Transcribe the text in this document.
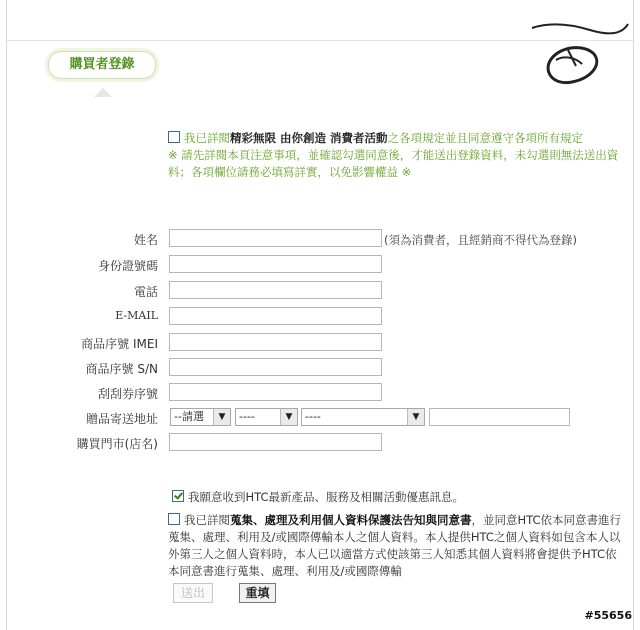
購買者登錄
我已詳閱精彩無限 由你創造 消費者活動之各項規定並且同意遵守各項所有規定
※ 請先詳閱本頁注意事項，並確認勾選同意後，才能送出登錄資料，未勾選則無法送出資料；各項欄位請務必填寫詳實，以免影響權益 ※
姓名	(須為消費者，且經銷商不得代為登錄)
身份證號碼
電話
E-MAIL
商品序號 IMEI
商品序號 S/N
刮刮券序號
贈品寄送地址	--請選	▼	----	▼	----	▼
購買門市(店名)
我願意收到HTC最新產品、服務及相關活動優惠訊息。
我已詳閱蒐集、處理及利用個人資料保護法告知與同意書，並同意HTC依本同意書進行蒐集、處理、利用及/或國際傳輸本人之個人資料。本人提供HTC之個人資料如包含本人以外第三人之個人資料時，本人已以適當方式使該第三人知悉其個人資料將會提供予HTC依本同意書進行蒐集、處理、利用及/或國際傳輸
送出	重填
#55656
